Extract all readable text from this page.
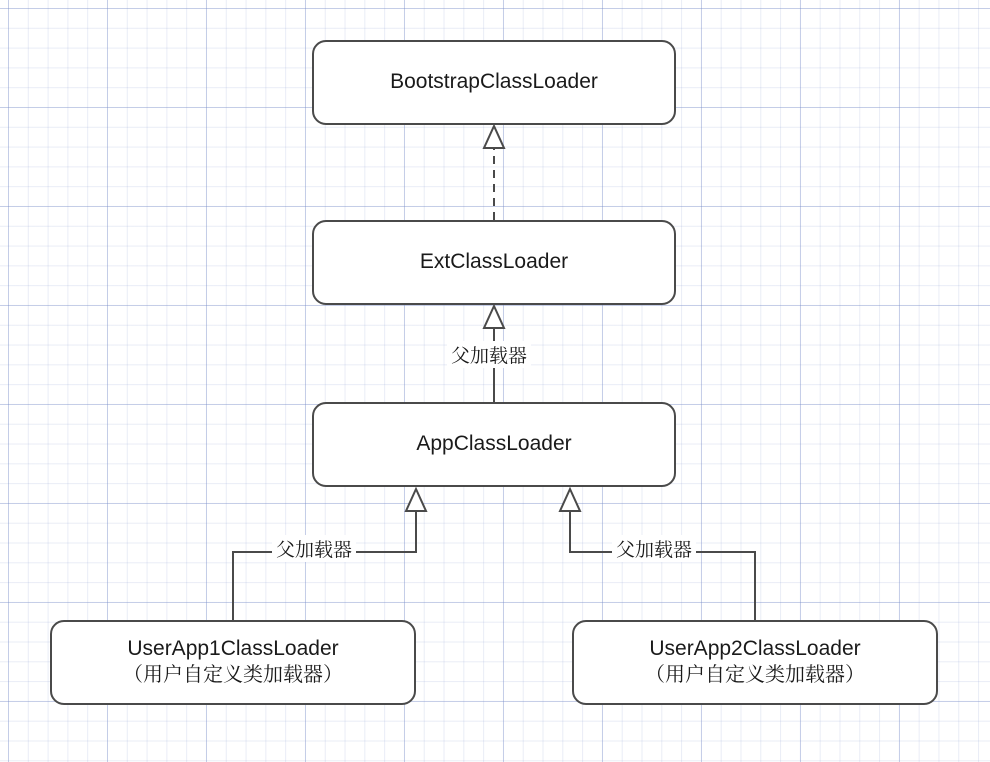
BootstrapClassLoader
ExtClassLoader
AppClassLoader
UserApp1ClassLoader
（用户自定义类加载器）
UserApp2ClassLoader
（用户自定义类加载器）
父加载器
父加载器	父加载器
